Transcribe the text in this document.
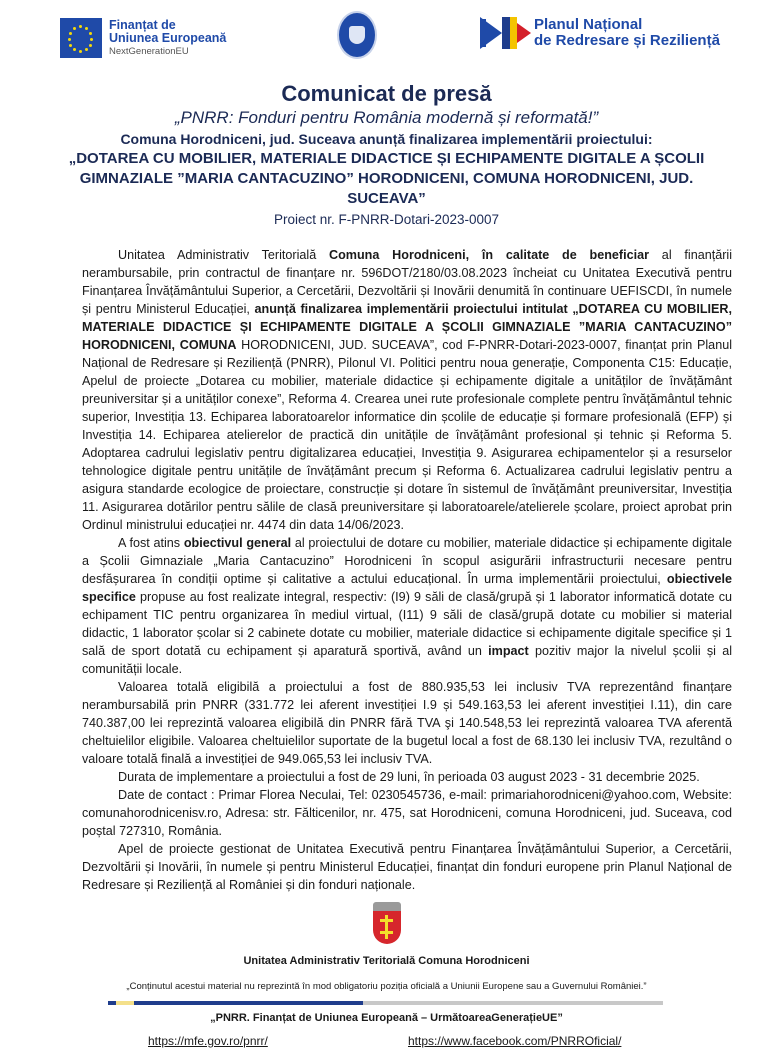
Finanțat de
Uniunea Europeană
NextGenerationEU
Planul Național
de Redresare și Reziliență
Comunicat de presă
„PNRR: Fonduri pentru România modernă și reformată!”
Comuna Horodniceni, jud. Suceava anunță finalizarea implementării proiectului:
„DOTAREA CU MOBILIER, MATERIALE DIDACTICE ȘI ECHIPAMENTE DIGITALE A ȘCOLII GIMNAZIALE ”MARIA CANTACUZINO” HORODNICENI, COMUNA HORODNICENI, JUD. SUCEAVA”
Proiect nr. F-PNRR-Dotari-2023-0007

Unitatea Administrativ Teritorială Comuna Horodniceni, în calitate de beneficiar al finanțării nerambursabile, prin contractul de finanțare nr. 596DOT/2180/03.08.2023 încheiat cu Unitatea Executivă pentru Finanțarea Învățământului Superior, a Cercetării, Dezvoltării și Inovării denumită în continuare UEFISCDI, în numele și pentru Ministerul Educației, anunță finalizarea implementării proiectului intitulat „DOTAREA CU MOBILIER, MATERIALE DIDACTICE ȘI ECHIPAMENTE DIGITALE A ȘCOLII GIMNAZIALE ”MARIA CANTACUZINO” HORODNICENI, COMUNA HORODNICENI, JUD. SUCEAVA”, cod F-PNRR-Dotari-2023-0007, finanțat prin Planul Național de Redresare și Reziliență (PNRR), Pilonul VI. Politici pentru noua generație, Componenta C15: Educație, Apelul de proiecte „Dotarea cu mobilier, materiale didactice și echipamente digitale a unităților de învățământ preuniversitar și a unităților conexe”, Reforma 4. Crearea unei rute profesionale complete pentru învățământul tehnic superior, Investiția 13. Echiparea laboratoarelor informatice din școlile de educație și formare profesională (EFP) și Investiția 14. Echiparea atelierelor de practică din unitățile de învățământ profesional și tehnic și Reforma 5. Adoptarea cadrului legislativ pentru digitalizarea educației, Investiția 9. Asigurarea echipamentelor și a resurselor tehnologice digitale pentru unitățile de învățământ precum și Reforma 6. Actualizarea cadrului legislativ pentru a asigura standarde ecologice de proiectare, construcție și dotare în sistemul de învățământ preuniversitar, Investiția 11. Asigurarea dotărilor pentru sălile de clasă preuniversitare și laboratoarele/atelierele școlare, proiect aprobat prin Ordinul ministrului educației nr. 4474 din data 14/06/2023.

A fost atins obiectivul general al proiectului de dotare cu mobilier, materiale didactice și echipamente digitale a Școlii Gimnaziale „Maria Cantacuzino” Horodniceni în scopul asigurării infrastructurii necesare pentru desfășurarea în condiții optime și calitative a actului educațional. În urma implementării proiectului, obiectivele specifice propuse au fost realizate integral, respectiv: (I9) 9 săli de clasă/grupă și 1 laborator informatică dotate cu echipament TIC pentru organizarea în mediul virtual, (I11) 9 săli de clasă/grupă dotate cu mobilier si material didactic, 1 laborator școlar si 2 cabinete dotate cu mobilier, materiale didactice si echipamente digitale specifice și 1 sală de sport dotată cu echipament și aparatură sportivă, având un impact pozitiv major la nivelul școlii și al comunității locale.

Valoarea totală eligibilă a proiectului a fost de 880.935,53 lei inclusiv TVA reprezentând finanțare nerambursabilă prin PNRR (331.772 lei aferent investiției I.9 și 549.163,53 lei aferent investiției I.11), din care 740.387,00 lei reprezintă valoarea eligibilă din PNRR fără TVA şi 140.548,53 lei reprezintă valoarea TVA aferentă cheltuielilor eligibile. Valoarea cheltuielilor suportate de la bugetul local a fost de 68.130 lei inclusiv TVA, rezultând o valoare totală finală a investiției de 949.065,53 lei inclusiv TVA.

Durata de implementare a proiectului a fost de 29 luni, în perioada 03 august 2023 - 31 decembrie 2025.

Date de contact : Primar Florea Neculai, Tel: 0230545736, e-mail: primariahorodniceni@yahoo.com, Website: comunahorodnicenisv.ro, Adresa: str. Fălticenilor, nr. 475, sat Horodniceni, comuna Horodniceni, jud. Suceava, cod poștal 727310, România.

Apel de proiecte gestionat de Unitatea Executivă pentru Finanțarea Învățământului Superior, a Cercetării, Dezvoltării și Inovării, în numele și pentru Ministerul Educației, finanțat din fonduri europene prin Planul Național de Redresare și Reziliență al României și din fonduri naționale.

Unitatea Administrativ Teritorială Comuna Horodniceni
„Conținutul acestui material nu reprezintă în mod obligatoriu poziția oficială a Uniunii Europene sau a Guvernului României.”
„PNRR. Finanțat de Uniunea Europeană – UrmătoareaGenerațieUE”
https://mfe.gov.ro/pnrr/	https://www.facebook.com/PNRROficial/
